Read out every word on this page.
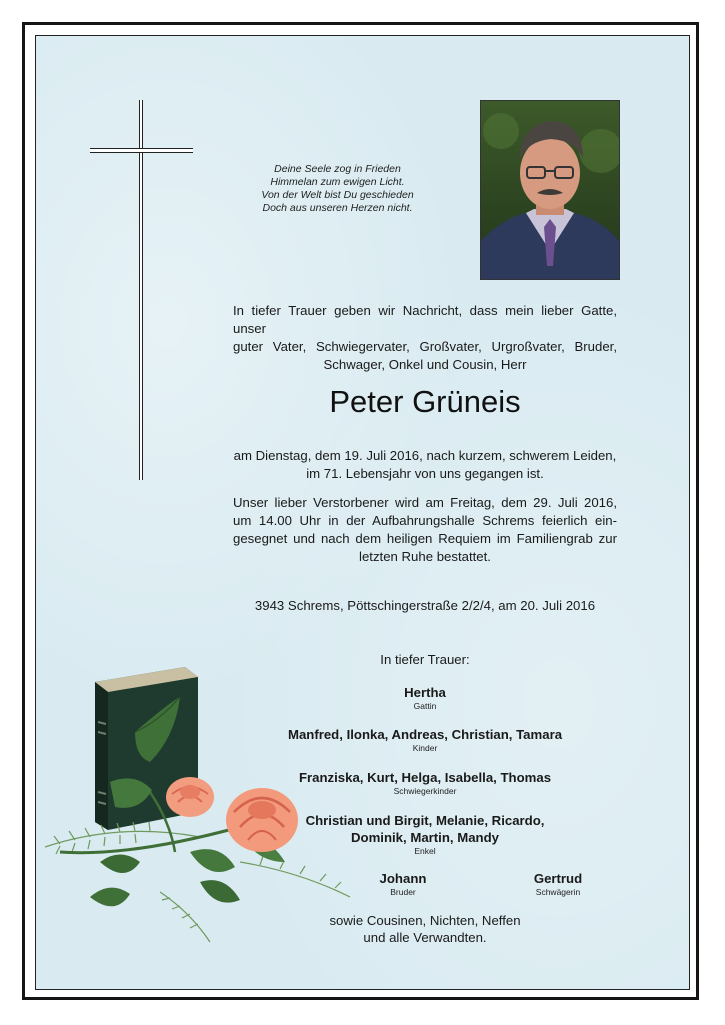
Deine Seele zog in Frieden
Himmelan zum ewigen Licht.
Von der Welt bist Du geschieden
Doch aus unseren Herzen nicht.
In tiefer Trauer geben wir Nachricht, dass mein lieber Gatte, unser
guter Vater, Schwiegervater, Großvater, Urgroßvater, Bruder,
Schwager, Onkel und Cousin, Herr
Peter Grüneis
am Dienstag, dem 19. Juli 2016, nach kurzem, schwerem Leiden,
im 71. Lebensjahr von uns gegangen ist.
Unser lieber Verstorbener wird am Freitag, dem 29. Juli 2016,
um 14.00 Uhr in der Aufbahrungshalle Schrems feierlich ein-
gesegnet und nach dem heiligen Requiem im Familiengrab zur
letzten Ruhe bestattet.
3943 Schrems, Pöttschingerstraße 2/2/4, am 20. Juli 2016
In tiefer Trauer:
Hertha
Gattin
Manfred, Ilonka, Andreas, Christian, Tamara
Kinder
Franziska, Kurt, Helga, Isabella, Thomas
Schwiegerkinder
Christian und Birgit, Melanie, Ricardo,
Dominik, Martin, Mandy
Enkel
Johann
Bruder
Gertrud
Schwägerin
sowie Cousinen, Nichten, Neffen
und alle Verwandten.
